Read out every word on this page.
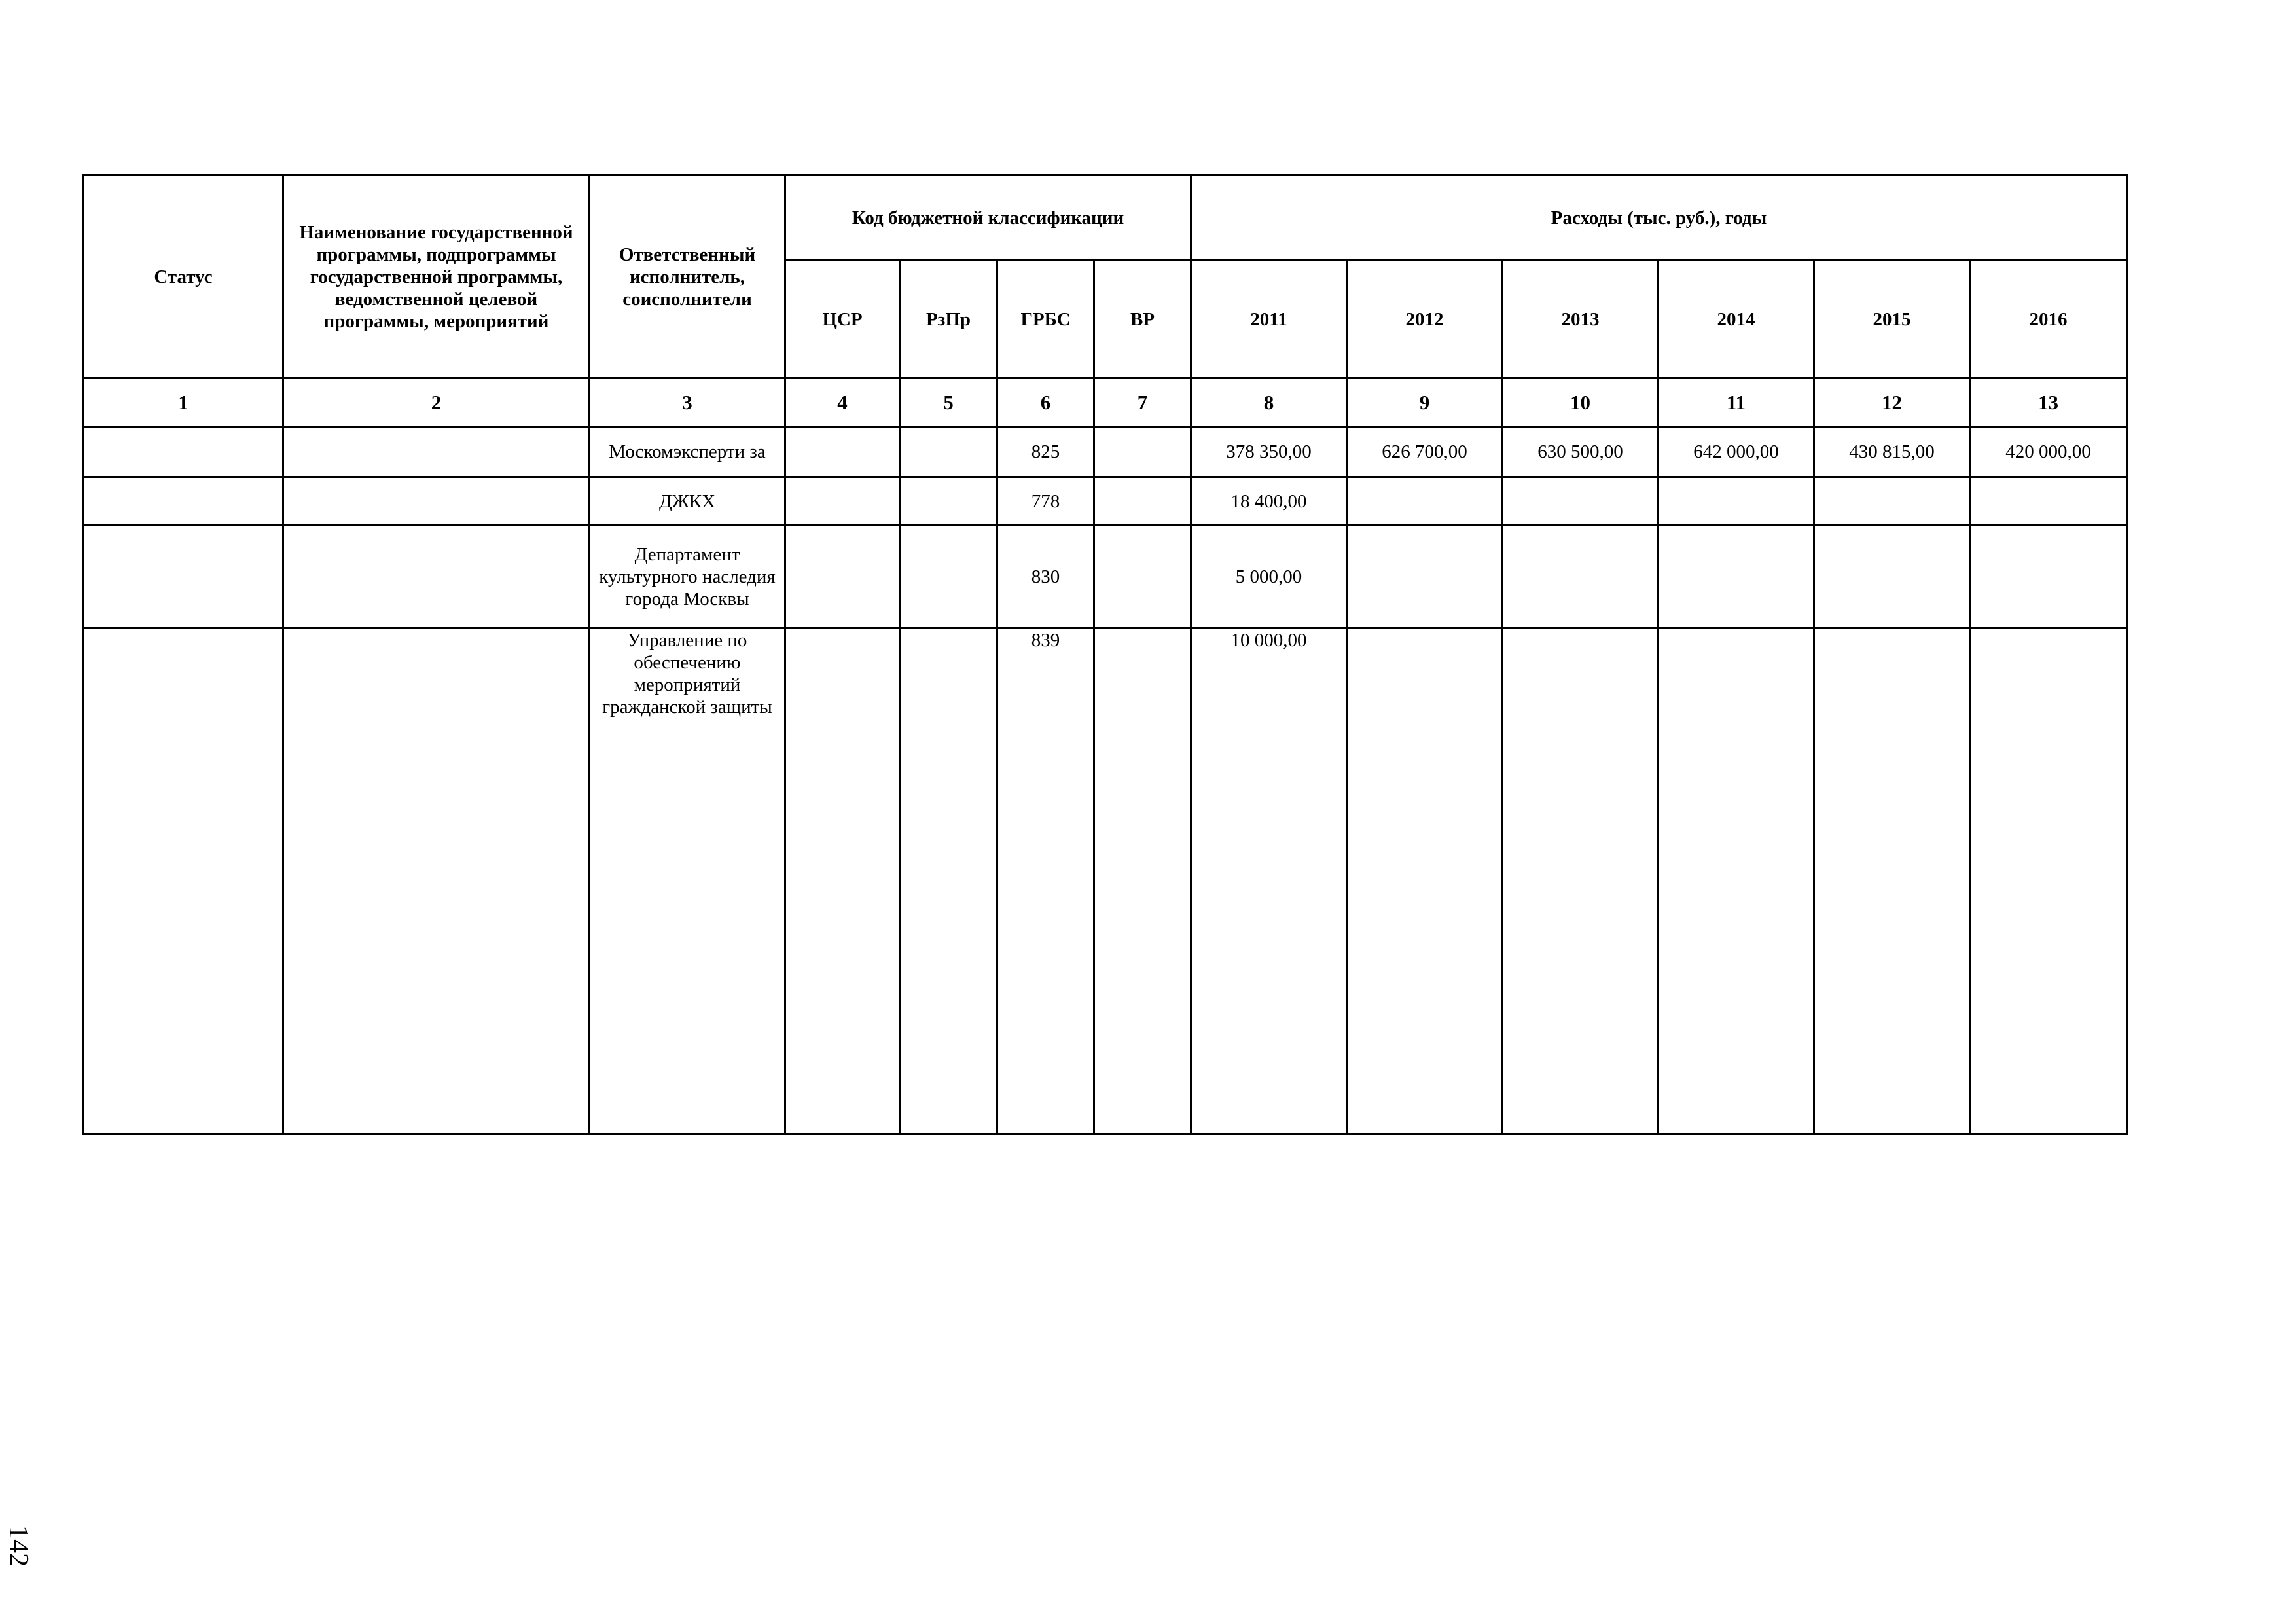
Статус	Наименование государственной программы, подпрограммы государственной программы, ведомственной целевой программы, мероприятий	Ответственный исполнитель, соисполнители	Код бюджетной классификации				Расходы (тыс. руб.), годы					
			ЦСР	РзПр	ГРБС	ВР	2011	2012	2013	2014	2015	2016
1	2	3	4	5	6	7	8	9	10	11	12	13
		Москомэксперти за			825		378 350,00	626 700,00	630 500,00	642 000,00	430 815,00	420 000,00
		ДЖКХ			778		18 400,00					
		Департамент культурного наследия города Москвы			830		5 000,00					
		Управление по обеспечению мероприятий гражданской защиты			839		10 000,00					
142
